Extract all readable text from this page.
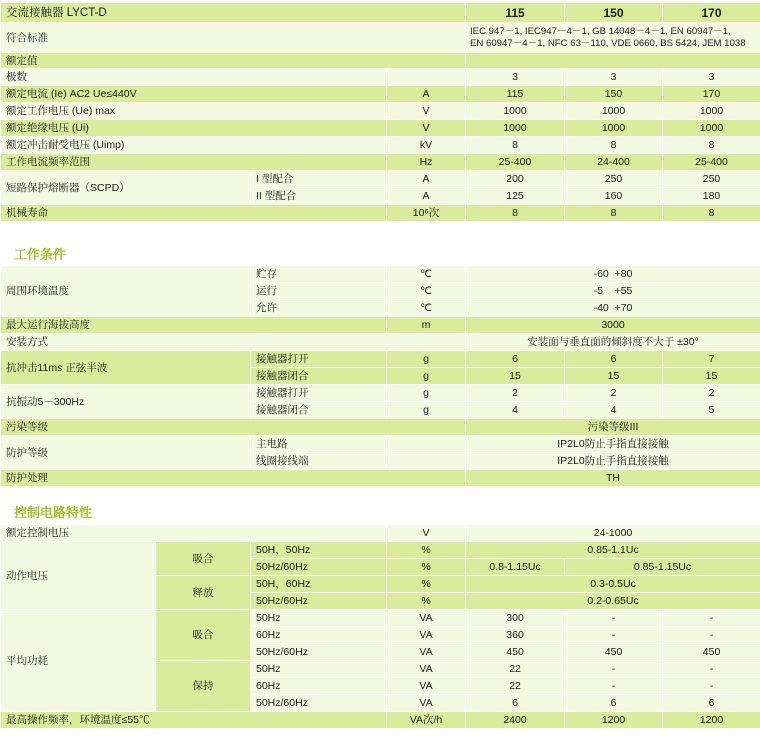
交流接触器 LYCT-D			115	150	170
符合标准			IEC 947－1, IEC947－4－1, GB 14048－4－1, EN 60947－1,
EN 60947－4－1, NFC 63－110, VDE 0660, BS 5424, JEM 1038		
额定值					
极数			3	3	3
额定电流 (Ie) AC2 Ue≤440V		A	115	150	170
额定工作电压 (Ue) max		V	1000	1000	1000
额定绝缘电压 (Ui)		V	1000	1000	1000
额定冲击耐受电压 (Uimp)		kV	8	8	8
工作电流频率范围		Hz	25-400	24-400	25-400
短路保护熔断器（SCPD）	I 型配合	A	200	250	250
	II 型配合	A	125	160	180
机械寿命		10⁶次	8	8	8
工作条件
周围环境温度	贮存	℃	-60  +80		
	运行	℃	-5    +55		
	允许	℃	-40  +70		
最大运行海拔高度		m	3000		
安装方式			安装面与垂直面的倾斜度不大于 ±30°		
抗冲击11ms 正弦半波	接触器打开	g	6	6	7
	接触器闭合	g	15	15	15
抗振动5－300Hz	接触器打开	g	2	2	2
	接触器闭合	g	4	4	5
污染等级			污染等级III		
防护等级	主电路		IP2L0防止手指直接接触		
	线圈接线端		IP2L0防止手指直接接触		
防护处理			TH		
控制电路特性
额定控制电压			V	24-1000		
动作电压	吸合	50H，50Hz	%	0.85-1.1Uc		
		50Hz/60Hz	%	0.8-1.15Uc	0.85-1.15Uc	
	释放	50H，60Hz	%	0.3-0.5Uc		
		50Hz/60Hz	%	0.2-0.65Uc		
平均功耗	吸合	50Hz	VA	300	-	-
		60Hz	VA	360	-	-
		50Hz/60Hz	VA	450	450	450
	保持	50Hz	VA	22	-	-
		60Hz	VA	22	-	-
		50Hz/60Hz	VA	6	6	6
最高操作频率，环境温度≤55℃			VA次/h	2400	1200	1200
